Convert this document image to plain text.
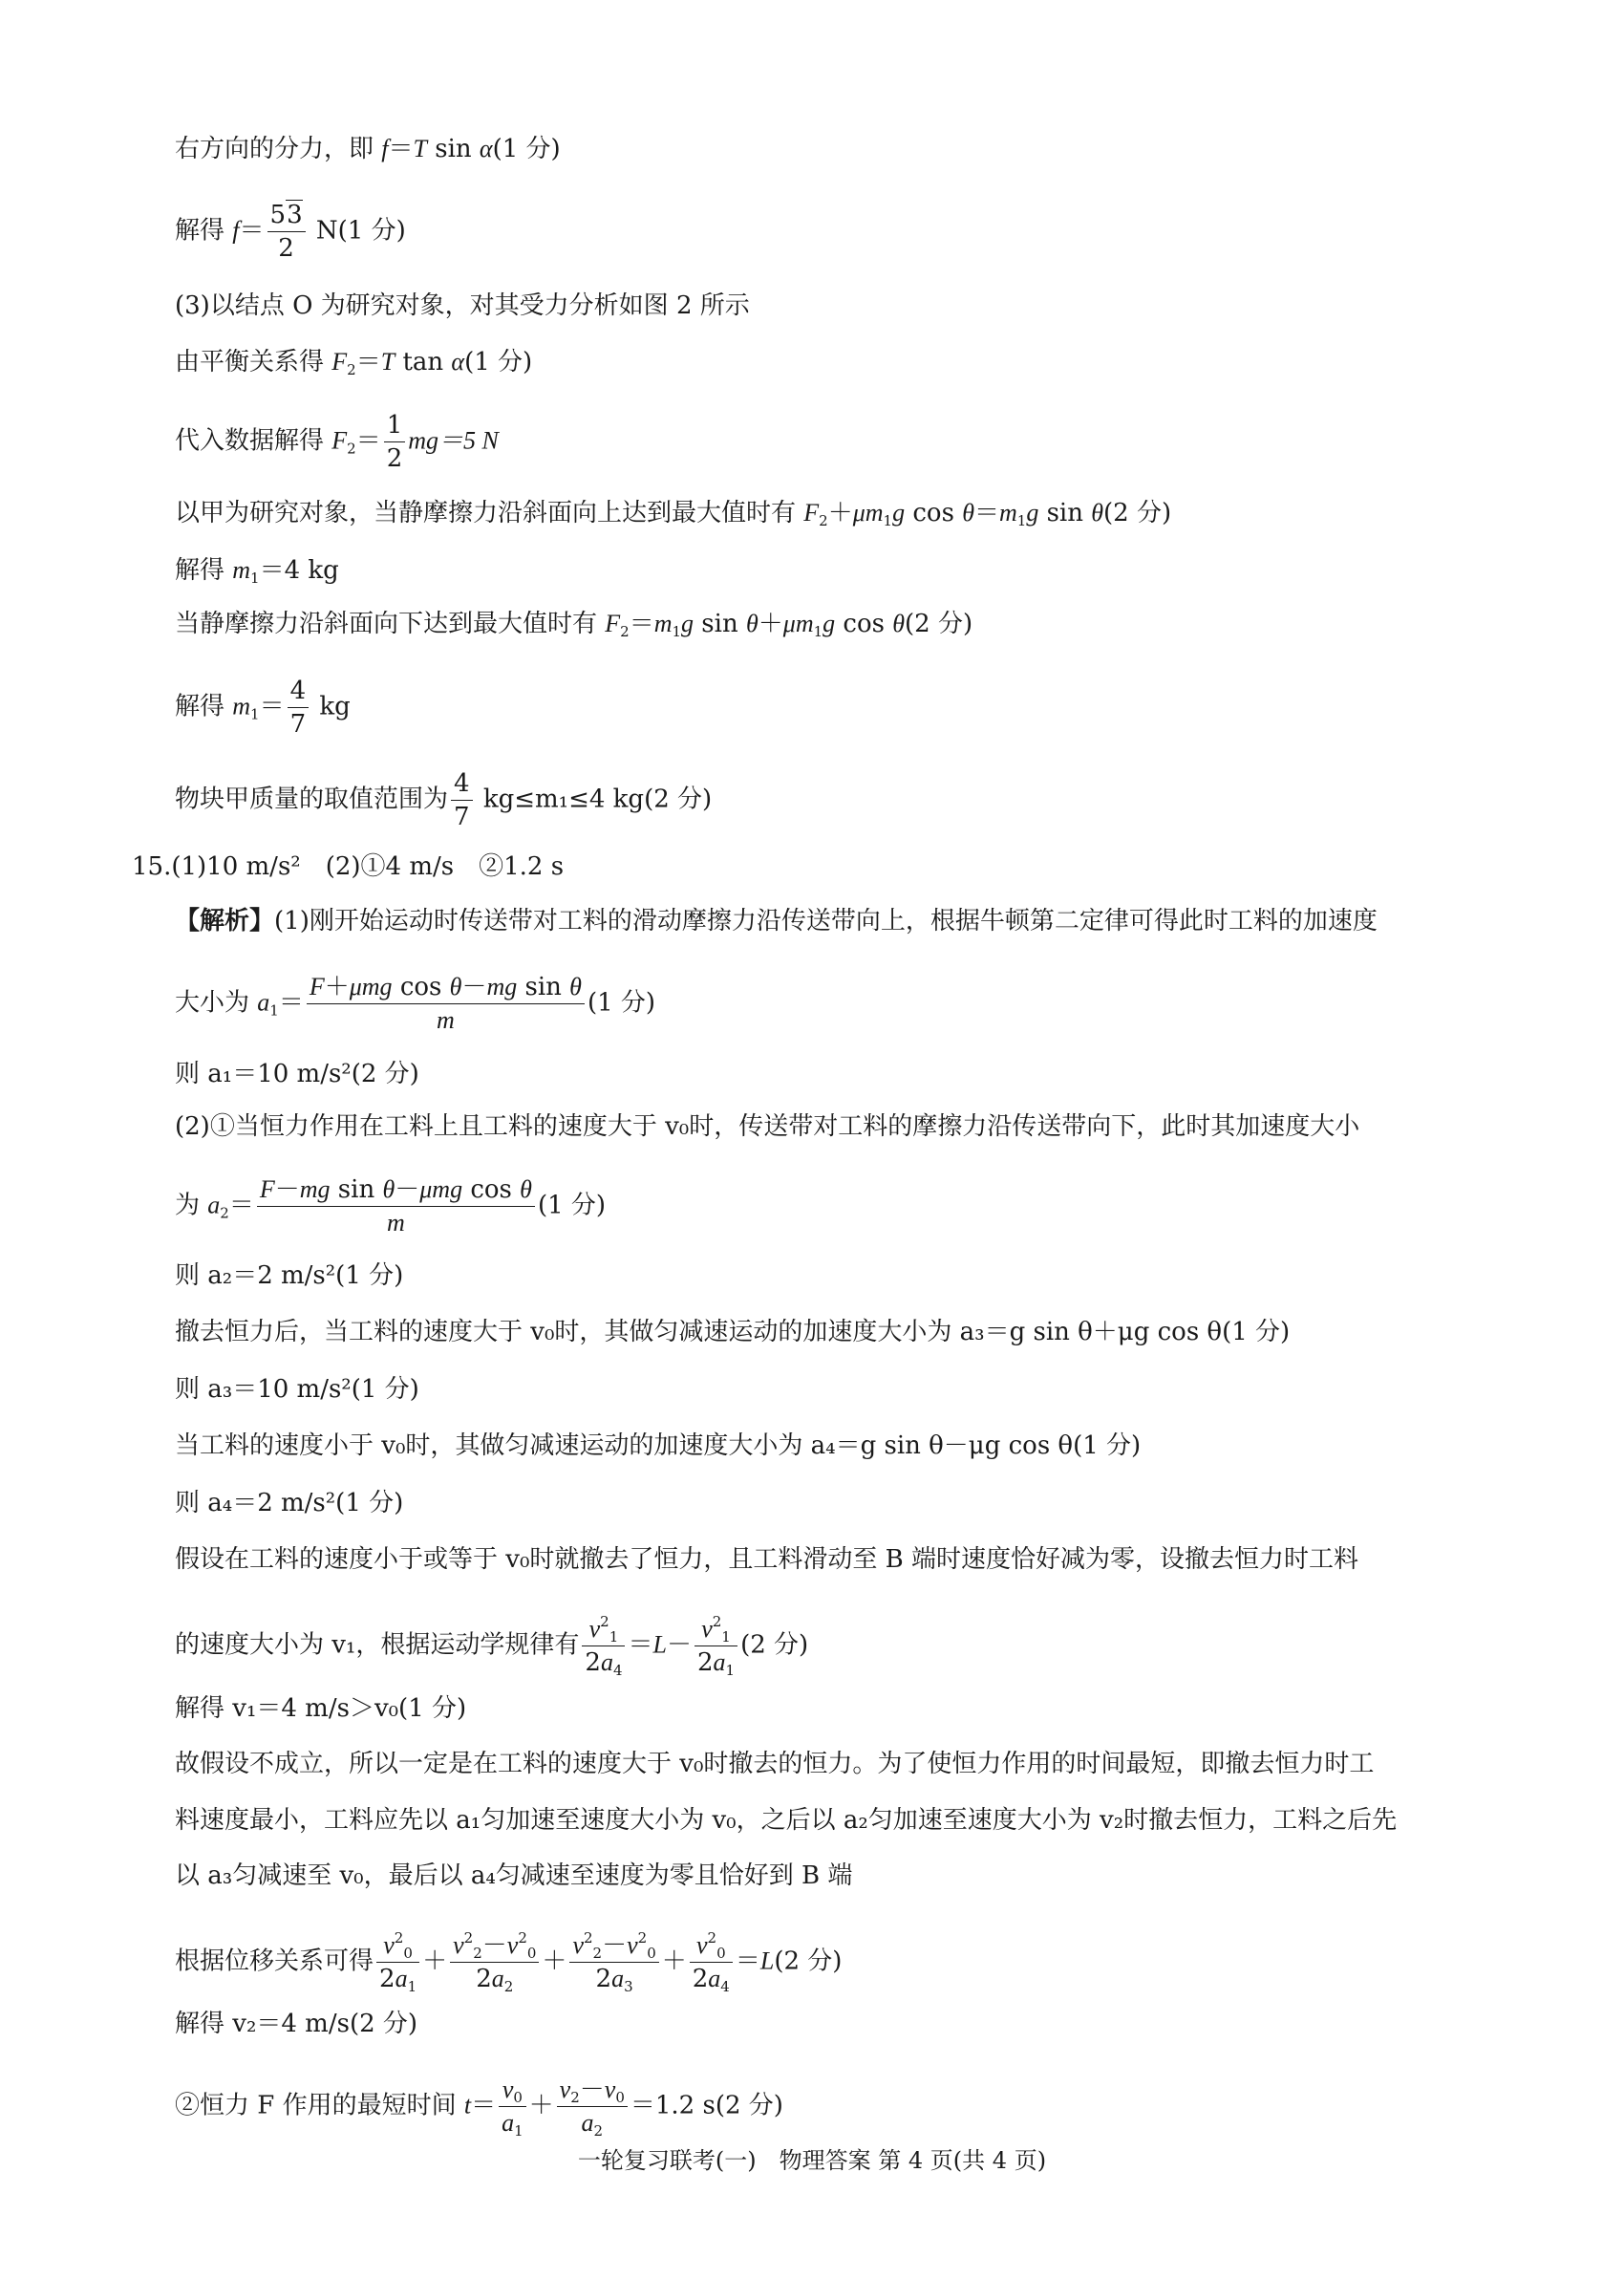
右方向的分力，即 f＝T sin α(1 分)
解得 $f= \frac{53}{2} N(1$ 分)
(3)以结点 O 为研究对象，对其受力分析如图 2 所示
由平衡关系得 $F_2=T$ tan α(1 分)
代入数据解得 $F_2= \frac{1}{2} mg=5$ N
以甲为研究对象，当静摩擦力沿斜面向上达到最大值时有 $F_2+\mu m_1g$ $\cos \theta=m_1g$ sin θ(2 分)
解得 $m_1=4$ kg
当静摩擦力沿斜面向下达到最大值时有 $F_2=m_1g$ $\sin \theta+\mu m_1g$ cos θ(2 分)
解得 $m_1= \frac{4}{7}$ kg
物块甲质量的取值范围为 $\frac{4}{7} kg\le m_1\le 4$ kg(2 分)
15.(1)10 m/s²　(2)①4 m/s　②1.2 s
【解析】(1)刚开始运动时传送带对工料的滑动摩擦力沿传送带向上，根据牛顿第二定律可得此时工料的加速度
大小为 $a_1= \frac{\text{F＋μmg cos θ－mg sin θ}}{m} (1$ 分)
则 a₁＝10 m/s²(2 分)
(2)①当恒力作用在工料上且工料的速度大于 v₀时，传送带对工料的摩擦力沿传送带向下，此时其加速度大小
为 $a_2= \frac{\text{F－mg sin θ－μmg cos θ}}{m} (1$ 分)
则 a₂＝2 m/s²(1 分)
撤去恒力后，当工料的速度大于 v₀时，其做匀减速运动的加速度大小为 a₃＝g sin θ＋μg cos θ(1 分)
则 a₃＝10 m/s²(1 分)
当工料的速度小于 v₀时，其做匀减速运动的加速度大小为 a₄＝g sin θ－μg cos θ(1 分)
则 a₄＝2 m/s²(1 分)
假设在工料的速度小于或等于 v₀时就撤去了恒力，且工料滑动至 B 端时速度恰好减为零，设撤去恒力时工料
的速度大小为 v₁，根据运动学规律有 $\frac{v^2_1}{2a_4} =L- \frac{v^2_1}{2a_1} (2$ 分)
解得 v₁＝4 m/s＞v₀(1 分)
故假设不成立，所以一定是在工料的速度大于 v₀时撤去的恒力。为了使恒力作用的时间最短，即撤去恒力时工
料速度最小，工料应先以 a₁匀加速至速度大小为 v₀，之后以 a₂匀加速至速度大小为 v₂时撤去恒力，工料之后先
以 a₃匀减速至 v₀，最后以 a₄匀减速至速度为零且恰好到 B 端
根据位移关系可得 $\frac{v^2_0}{2a_1} + \frac{v^2_2-v^2_0}{2a_2} + \frac{v^2_2-v^2_0}{2a_3} + \frac{v^2_0}{2a_4} =L(2$ 分)
解得 v₂＝4 m/s(2 分)
②恒力 F 作用的最短时间 $t= \frac{v_0}{a_1} + \frac{v_2-v_0}{a_2} =1.2$ s(2 分)
一轮复习联考(一)　物理答案 第 4 页(共 4 页)
